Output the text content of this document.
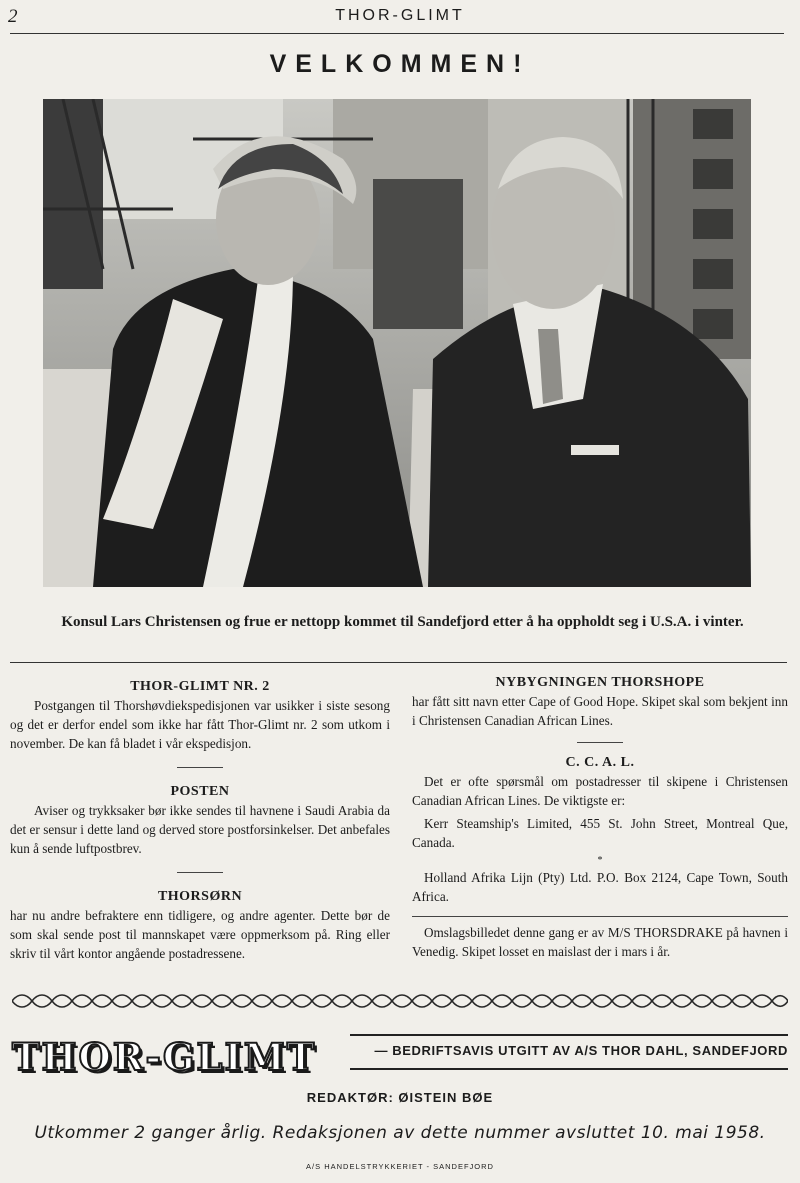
2	THOR-GLIMT
VELKOMMEN!
Konsul Lars Christensen og frue er nettopp kommet til Sandefjord etter å ha oppholdt seg i U.S.A. i vinter.

THOR-GLIMT NR. 2

Postgangen til Thorshøvdiekspedisjonen var usikker i siste sesong og det er derfor endel som ikke har fått Thor-Glimt nr. 2 som utkom i november. De kan få bladet i vår ekspedisjon.

POSTEN

Aviser og trykksaker bør ikke sendes til havnene i Saudi Arabia da det er sensur i dette land og derved store postforsinkelser. Det anbefales kun å sende luftpostbrev.

THORSØRN

har nu andre befraktere enn tidligere, og andre agenter. Dette bør de som skal sende post til mannskapet være oppmerksom på. Ring eller skriv til vårt kontor angående postadressene.

NYBYGNINGEN THORSHOPE

har fått sitt navn etter Cape of Good Hope. Skipet skal som bekjent inn i Christensen Canadian African Lines.

C. C. A. L.

Det er ofte spørsmål om postadresser til skipene i Christensen Canadian African Lines. De viktigste er:

Kerr Steamship's Limited, 455 St. John Street, Montreal Que, Canada.

*

Holland Afrika Lijn (Pty) Ltd. P.O. Box 2124, Cape Town, South Africa.

Omslagsbilledet denne gang er av M/S THORSDRAKE på havnen i Venedig. Skipet losset en maislast der i mars i år.

THOR-GLIMT	— BEDRIFTSAVIS UTGITT AV A/S THOR DAHL, SANDEFJORD
REDAKTØR: ØISTEIN BØE
Utkommer 2 ganger årlig. Redaksjonen av dette nummer avsluttet 10. mai 1958.
A/S HANDELSTRYKKERIET - SANDEFJORD
